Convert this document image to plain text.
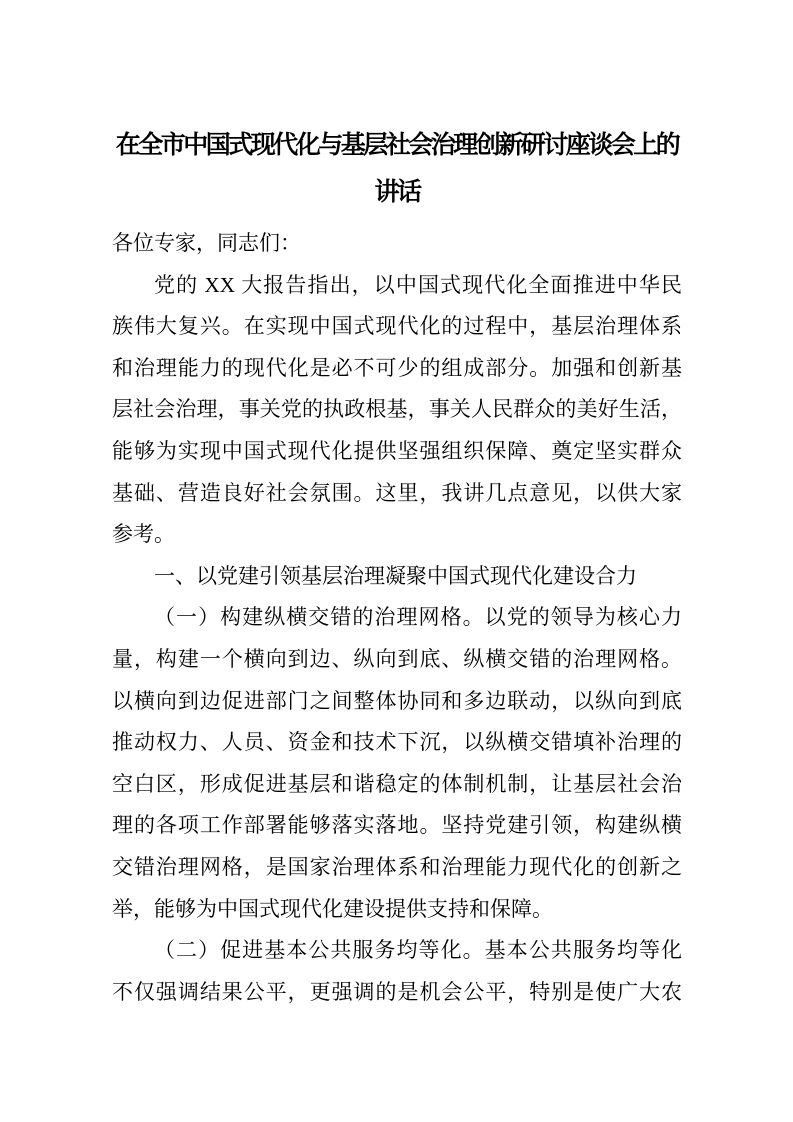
在全市中国式现代化与基层社会治理创新研讨座谈会上的
讲话
各位专家，同志们：
党的 XX 大报告指出，以中国式现代化全面推进中华民
族伟大复兴。在实现中国式现代化的过程中，基层治理体系
和治理能力的现代化是必不可少的组成部分。加强和创新基
层社会治理，事关党的执政根基，事关人民群众的美好生活，
能够为实现中国式现代化提供坚强组织保障、奠定坚实群众
基础、营造良好社会氛围。这里，我讲几点意见，以供大家
参考。
一、以党建引领基层治理凝聚中国式现代化建设合力
（一）构建纵横交错的治理网格。以党的领导为核心力
量，构建一个横向到边、纵向到底、纵横交错的治理网格。
以横向到边促进部门之间整体协同和多边联动，以纵向到底
推动权力、人员、资金和技术下沉，以纵横交错填补治理的
空白区，形成促进基层和谐稳定的体制机制，让基层社会治
理的各项工作部署能够落实落地。坚持党建引领，构建纵横
交错治理网格，是国家治理体系和治理能力现代化的创新之
举，能够为中国式现代化建设提供支持和保障。
（二）促进基本公共服务均等化。基本公共服务均等化
不仅强调结果公平，更强调的是机会公平，特别是使广大农
